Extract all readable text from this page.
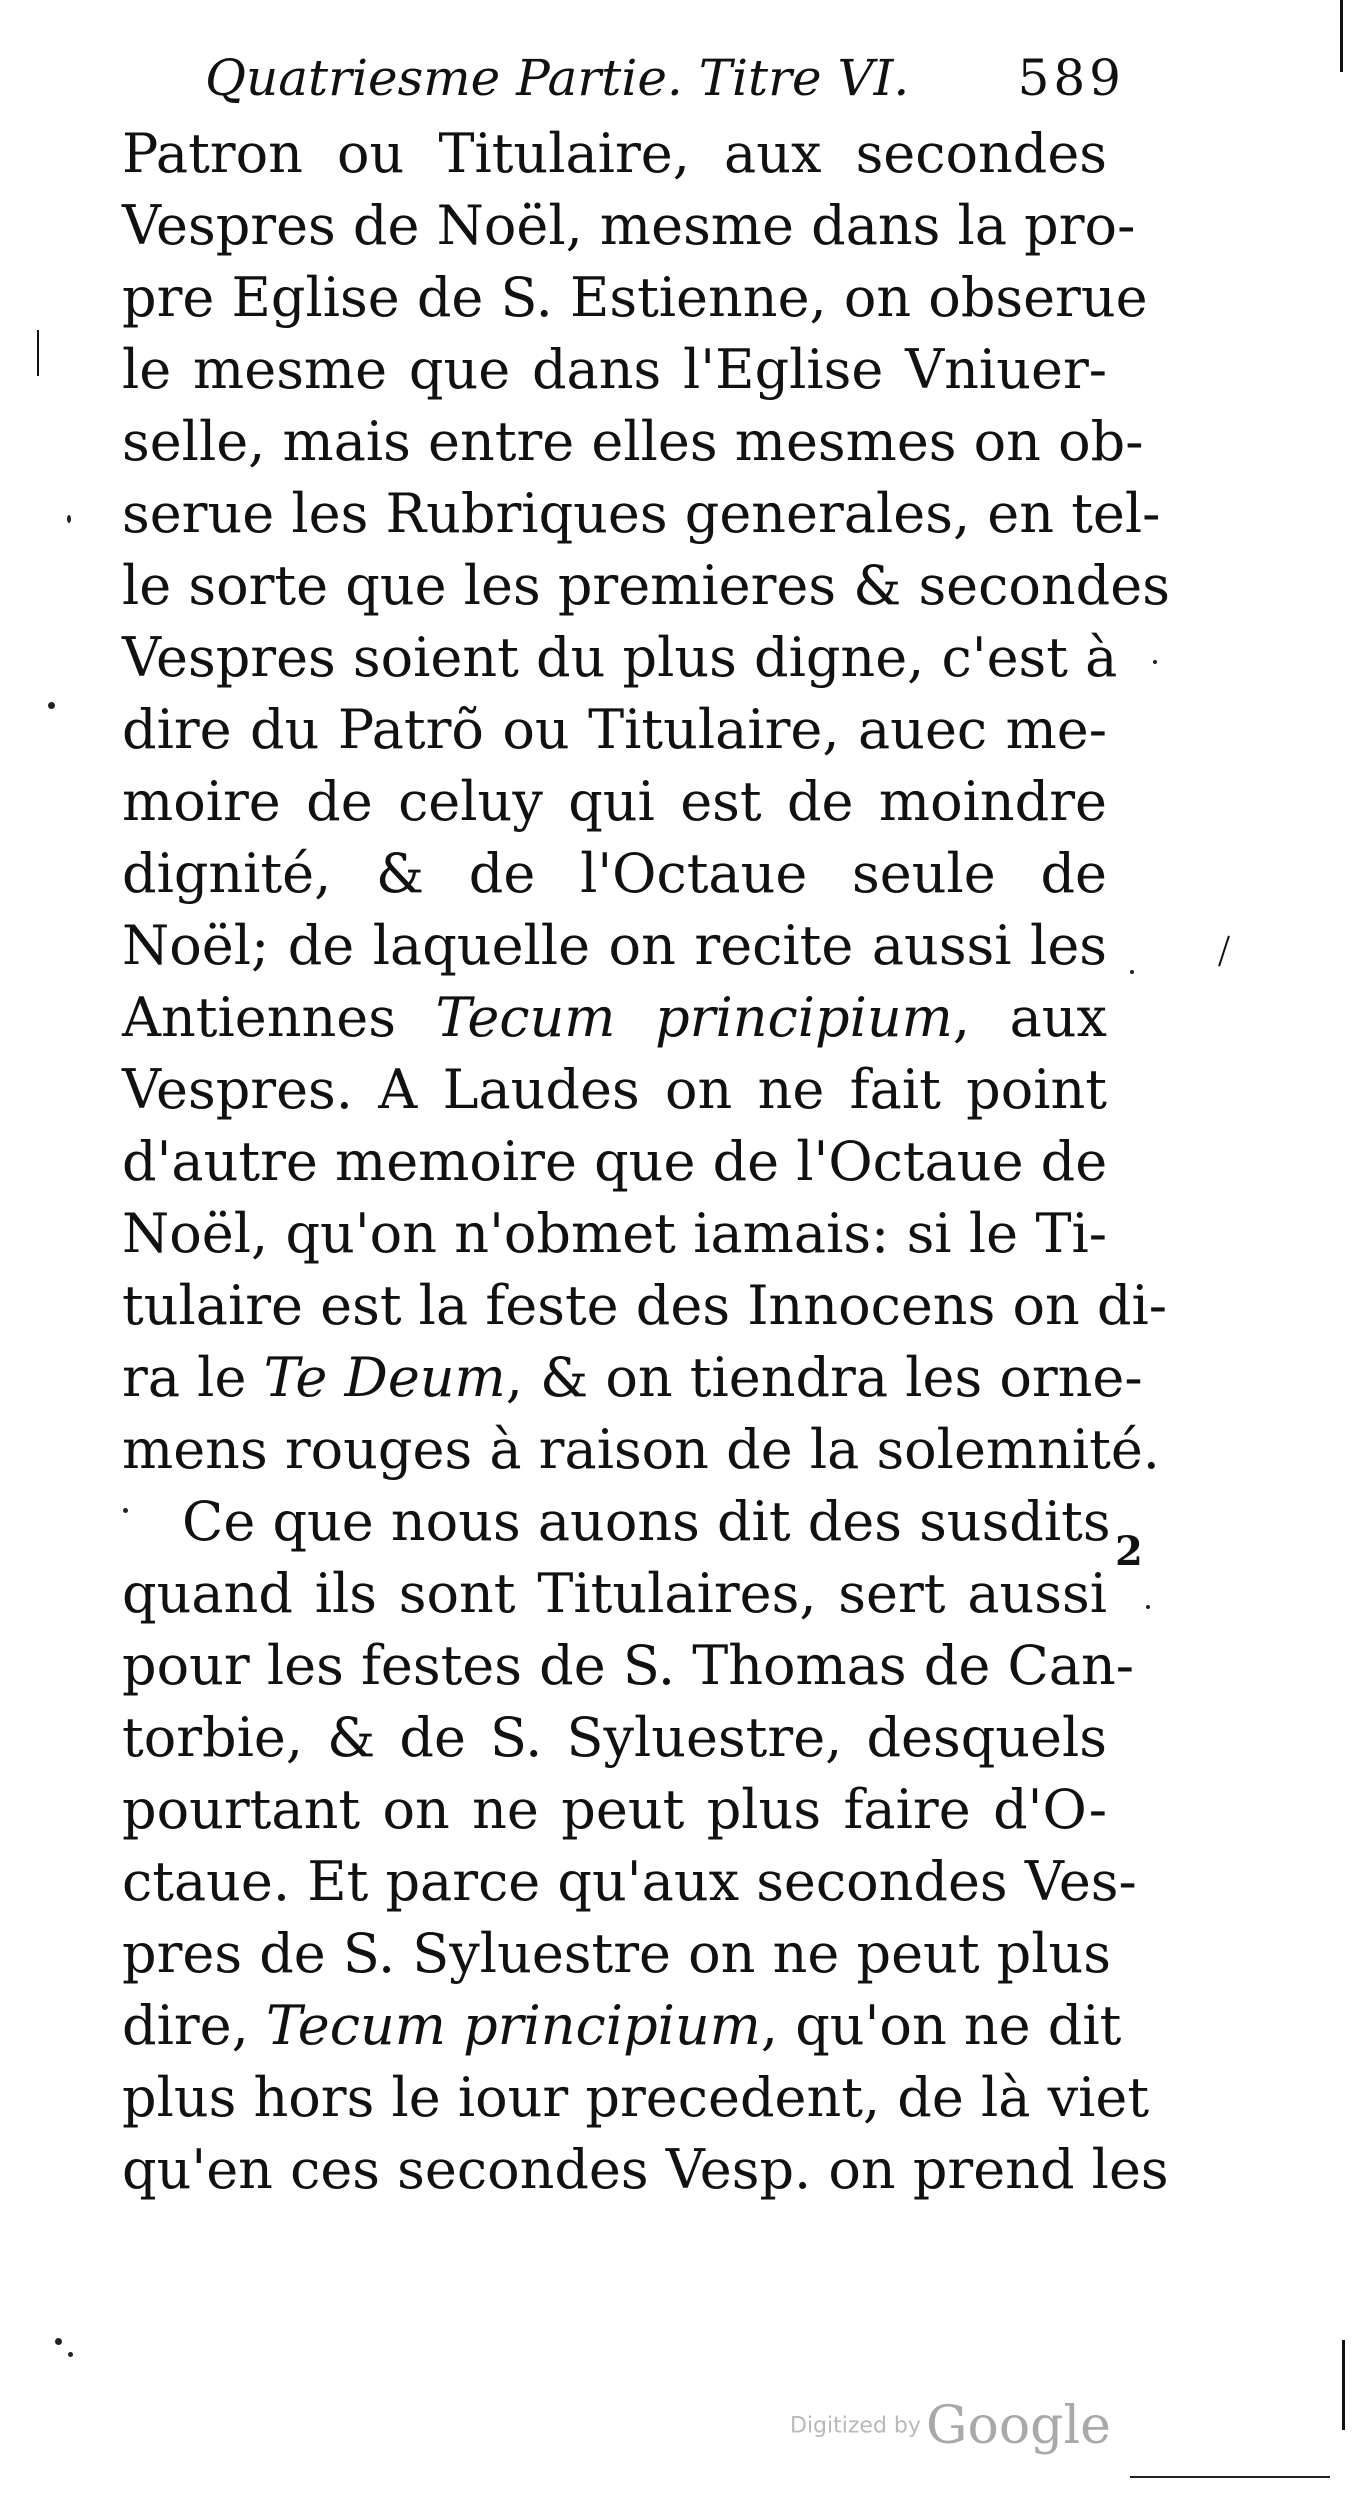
Quatriesme Partie. Titre VI. 589
Patron ou Titulaire, aux secondes
Vespres de Noël, mesme dans la pro-
pre Eglise de S. Estienne, on obserue
le mesme que dans l'Eglise Vniuer-
selle, mais entre elles mesmes on ob-
serue les Rubriques generales, en tel-
le sorte que les premieres & secondes
Vespres soient du plus digne, c'est à
dire du Patrõ ou Titulaire, auec me-
moire de celuy qui est de moindre
dignité, & de l'Octaue seule de
Noël; de laquelle on recite aussi les
Antiennes Tecum principium, aux
Vespres. A Laudes on ne fait point
d'autre memoire que de l'Octaue de
Noël, qu'on n'obmet iamais: si le Ti-
tulaire est la feste des Innocens on di-
ra le Te Deum, & on tiendra les orne-
mens rouges à raison de la solemnité.
Ce que nous auons dit des susdits
quand ils sont Titulaires, sert aussi
pour les festes de S. Thomas de Can-
torbie, & de S. Syluestre, desquels
pourtant on ne peut plus faire d'O-
ctaue. Et parce qu'aux secondes Ves-
pres de S. Syluestre on ne peut plus
dire, Tecum principium, qu'on ne dit
plus hors le iour precedent, de là viet
qu'en ces secondes Vesp. on prend les
2
Digitized by Google
